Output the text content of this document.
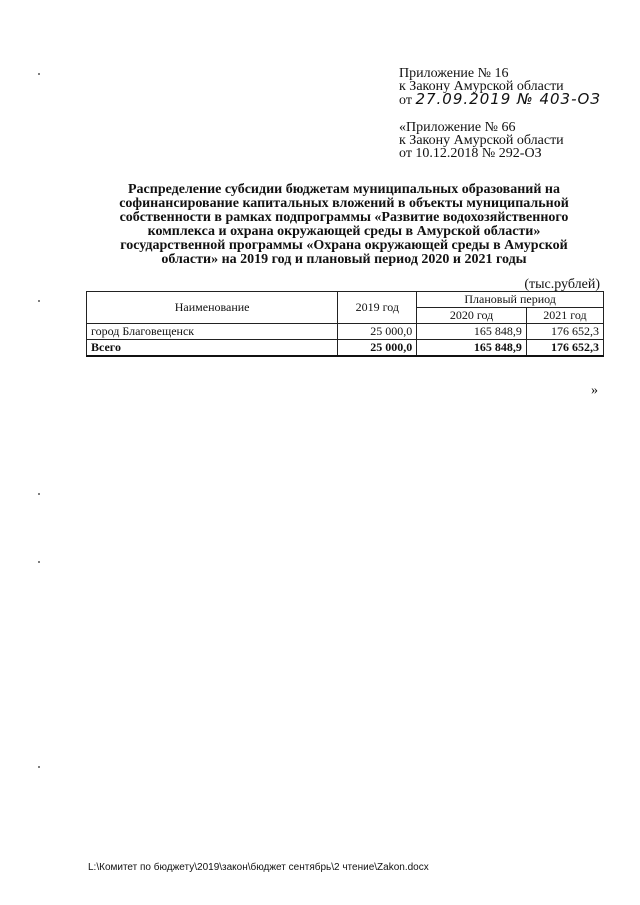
Приложение № 16
к Закону Амурской области
от 27.09.2019 № 403-ОЗ
«Приложение № 66
к Закону Амурской области
от 10.12.2018 № 292-ОЗ
Распределение субсидии бюджетам муниципальных образований на
софинансирование капитальных вложений в объекты муниципальной
собственности в рамках подпрограммы «Развитие водохозяйственного
комплекса и охрана окружающей среды в Амурской области»
государственной программы «Охрана окружающей среды в Амурской
области» на 2019 год и плановый период 2020 и 2021 годы
(тыс.рублей)
Наименование	2019 год	Плановый период	
		2020 год	2021 год
город Благовещенск	25 000,0	165 848,9	176 652,3
Всего	25 000,0	165 848,9	176 652,3
»
L:\Комитет по бюджету\2019\закон\бюджет сентябрь\2 чтение\Zakon.docx
